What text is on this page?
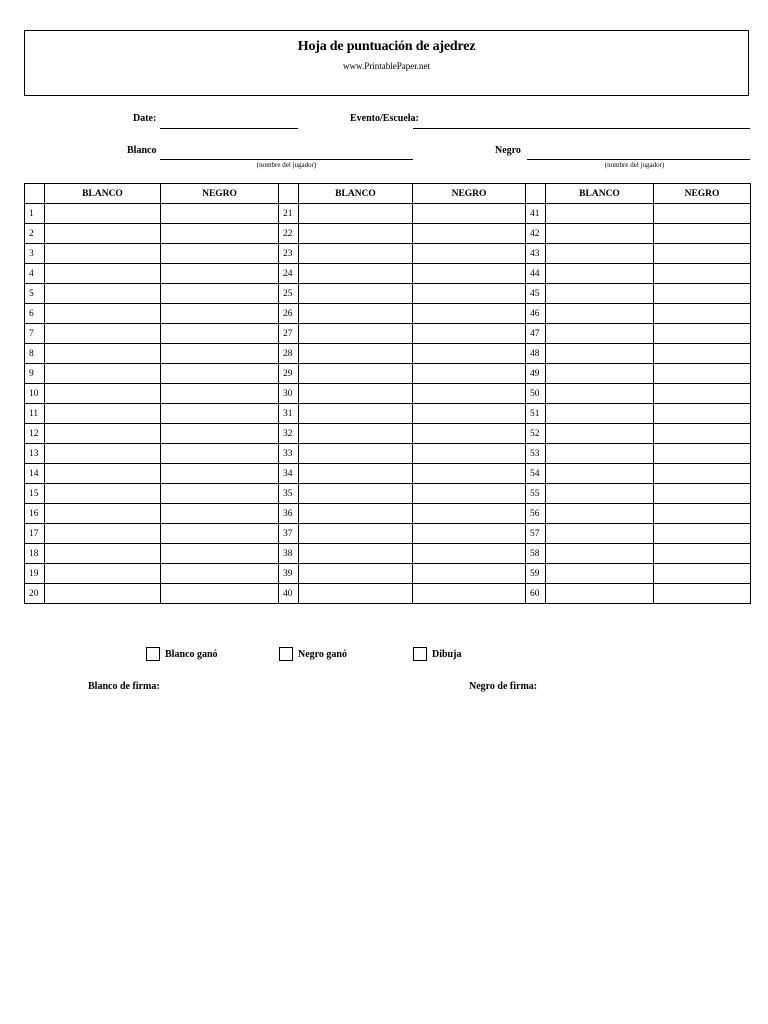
Hoja de puntuación de ajedrez
www.PrintablePaper.net
Date:	Evento/Escuela:
Blanco
(nombre del jugador)
Negro
(nombre del jugador)
	BLANCO	NEGRO		BLANCO	NEGRO		BLANCO	NEGRO
1			21			41		
2			22			42		
3			23			43		
4			24			44		
5			25			45		
6			26			46		
7			27			47		
8			28			48		
9			29			49		
10			30			50		
11			31			51		
12			32			52		
13			33			53		
14			34			54		
15			35			55		
16			36			56		
17			37			57		
18			38			58		
19			39			59		
20			40			60		
Blanco ganó	Negro ganó	Dibuja
Blanco de firma:	Negro de firma:
